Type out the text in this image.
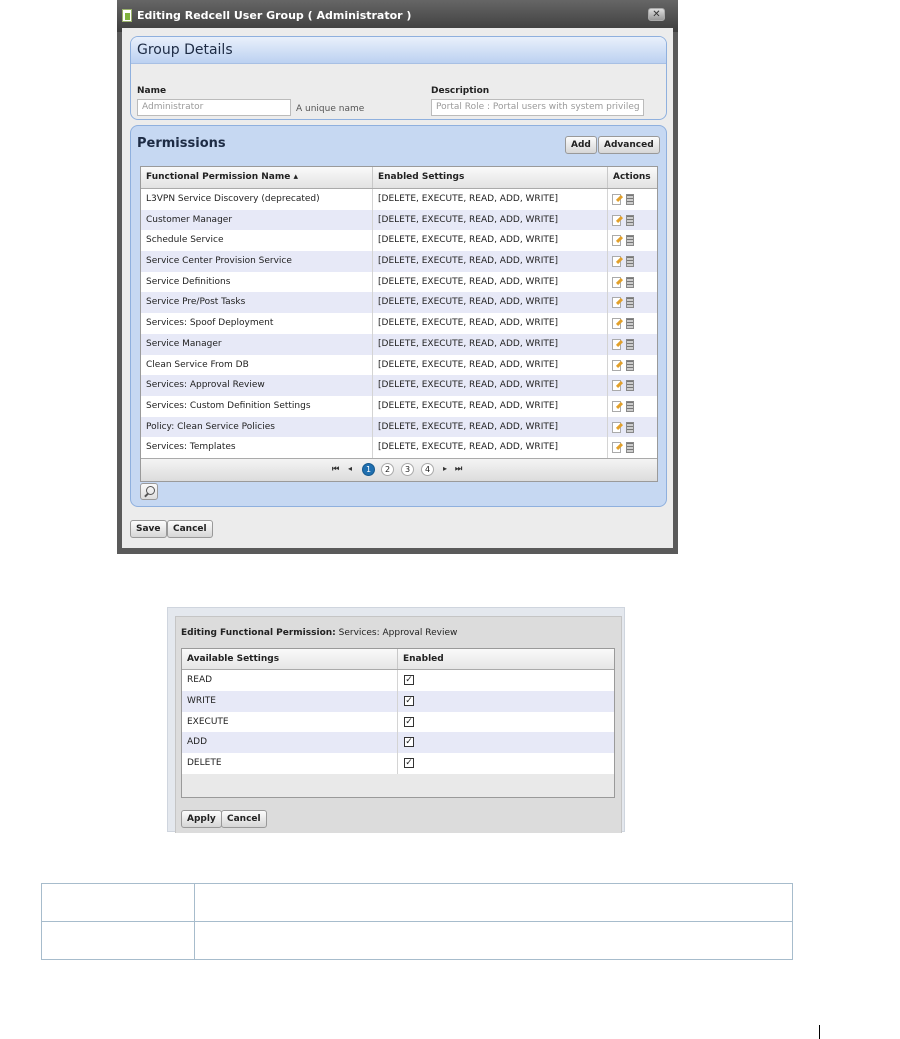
Editing Redcell User Group ( Administrator )	✕
Group Details
Name
Administrator	A unique name
Description
Portal Role : Portal users with system privileg
Permissions	Add	Advanced
Functional Permission Name ▴	Enabled Settings	Actions
L3VPN Service Discovery (deprecated)	[DELETE, EXECUTE, READ, ADD, WRITE]
Customer Manager	[DELETE, EXECUTE, READ, ADD, WRITE]
Schedule Service	[DELETE, EXECUTE, READ, ADD, WRITE]
Service Center Provision Service	[DELETE, EXECUTE, READ, ADD, WRITE]
Service Definitions	[DELETE, EXECUTE, READ, ADD, WRITE]
Service Pre/Post Tasks	[DELETE, EXECUTE, READ, ADD, WRITE]
Services: Spoof Deployment	[DELETE, EXECUTE, READ, ADD, WRITE]
Service Manager	[DELETE, EXECUTE, READ, ADD, WRITE]
Clean Service From DB	[DELETE, EXECUTE, READ, ADD, WRITE]
Services: Approval Review	[DELETE, EXECUTE, READ, ADD, WRITE]
Services: Custom Definition Settings	[DELETE, EXECUTE, READ, ADD, WRITE]
Policy: Clean Service Policies	[DELETE, EXECUTE, READ, ADD, WRITE]
Services: Templates	[DELETE, EXECUTE, READ, ADD, WRITE]
⏮ ◂	1	2	3	4	▸ ⏭
Save	Cancel
Editing Functional Permission: Services: Approval Review
Available Settings	Enabled
READ	✓
WRITE	✓
EXECUTE	✓
ADD	✓
DELETE	✓
Apply	Cancel
